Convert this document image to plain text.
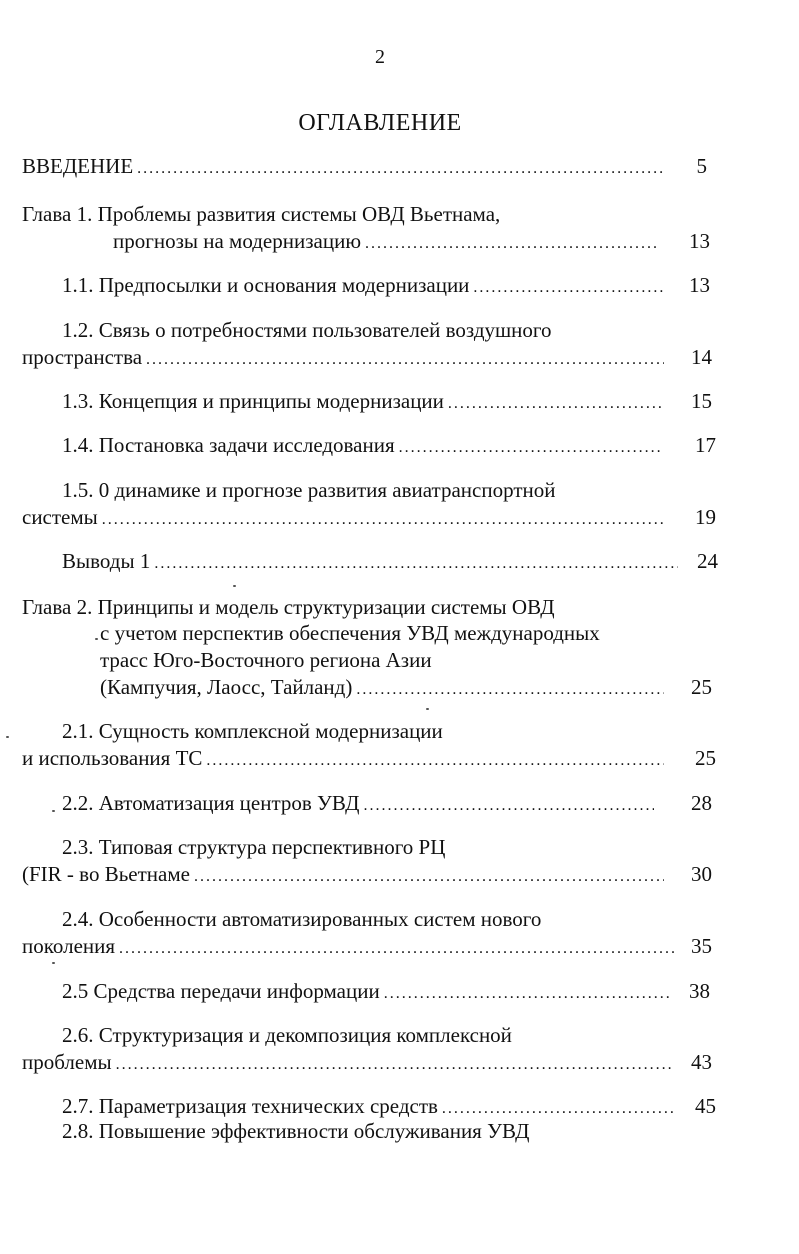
2
ОГЛАВЛЕНИЕ
ВВЕДЕНИЕ .....	5
Глава 1. Проблемы развития системы ОВД Вьетнама,
прогнозы на модернизацию .....	13
1.1. Предпосылки и основания модернизации .....	13
1.2. Связь о потребностями пользователей воздушного
пространства .....	14
1.3. Концепция и принципы модернизации .....	15
1.4. Постановка задачи исследования .....	17
1.5. 0 динамике и прогнозе развития авиатранспортной
системы .....	19
Выводы 1 .....	24
Глава 2. Принципы и модель структуризации системы ОВД
с учетом перспектив обеспечения УВД международных
трасс Юго-Восточного региона Азии
(Кампучия, Лаосс, Тайланд) .....	25
2.1. Сущность комплексной модернизации
и использования ТС .....	25
2.2. Автоматизация центров УВД .....	28
2.3. Типовая структура перспективного РЦ
(FIR - во Вьетнаме .....	30
2.4. Особенности автоматизированных систем нового
поколения .....	35
2.5 Средства передачи информации .....	38
2.6. Структуризация и декомпозиция комплексной
проблемы .....	43
2.7. Параметризация технических средств .....	45
2.8. Повышение эффективности обслуживания УВД
